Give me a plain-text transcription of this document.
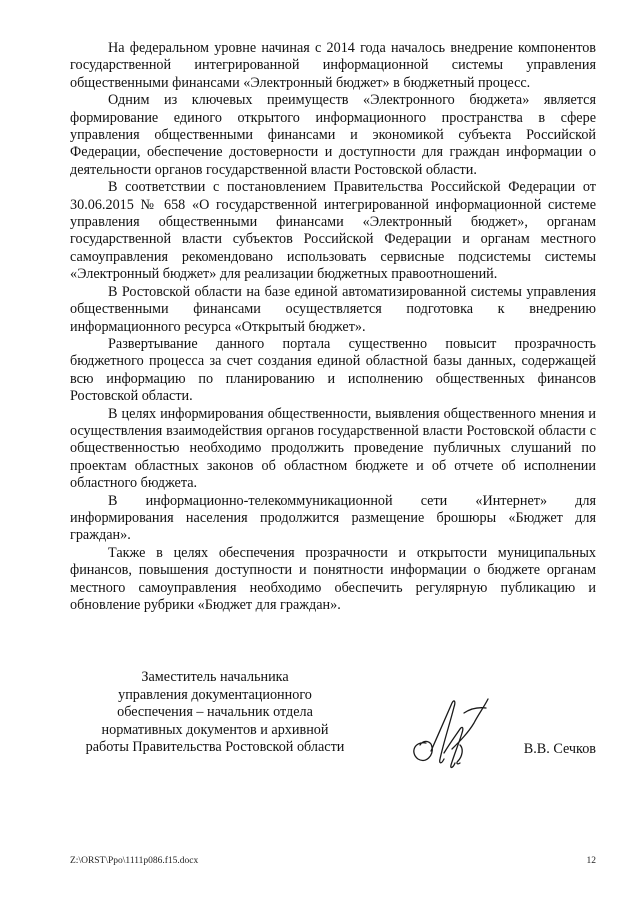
На федеральном уровне начиная с 2014 года началось внедрение компонентов государственной интегрированной информационной системы управления общественными финансами «Электронный бюджет» в бюджетный процесс.

Одним из ключевых преимуществ «Электронного бюджета» является формирование единого открытого информационного пространства в сфере управления общественными финансами и экономикой субъекта Российской Федерации, обеспечение достоверности и доступности для граждан информации о деятельности органов государственной власти Ростовской области.

В соответствии с постановлением Правительства Российской Федерации от 30.06.2015 № 658 «О государственной интегрированной информационной системе управления общественными финансами «Электронный бюджет», органам государственной власти субъектов Российской Федерации и органам местного самоуправления рекомендовано использовать сервисные подсистемы системы «Электронный бюджет» для реализации бюджетных правоотношений.

В Ростовской области на базе единой автоматизированной системы управления общественными финансами осуществляется подготовка к внедрению информационного ресурса «Открытый бюджет».

Развертывание данного портала существенно повысит прозрачность бюджетного процесса за счет создания единой областной базы данных, содержащей всю информацию по планированию и исполнению общественных финансов Ростовской области.

В целях информирования общественности, выявления общественного мнения и осуществления взаимодействия органов государственной власти Ростовской области с общественностью необходимо продолжить проведение публичных слушаний по проектам областных законов об областном бюджете и об отчете об исполнении областного бюджета.

В информационно-телекоммуникационной сети «Интернет» для информирования населения продолжится размещение брошюры «Бюджет для граждан».

Также в целях обеспечения прозрачности и открытости муниципальных финансов, повышения доступности и понятности информации о бюджете органам местного самоуправления необходимо обеспечить регулярную публикацию и обновление рубрики «Бюджет для граждан».

Заместитель начальника
управления документационного
обеспечения – начальник отдела
нормативных документов и архивной
работы Правительства Ростовской области	В.В. Сечков
Z:\ORST\Ppo\1111p086.f15.docx	12
